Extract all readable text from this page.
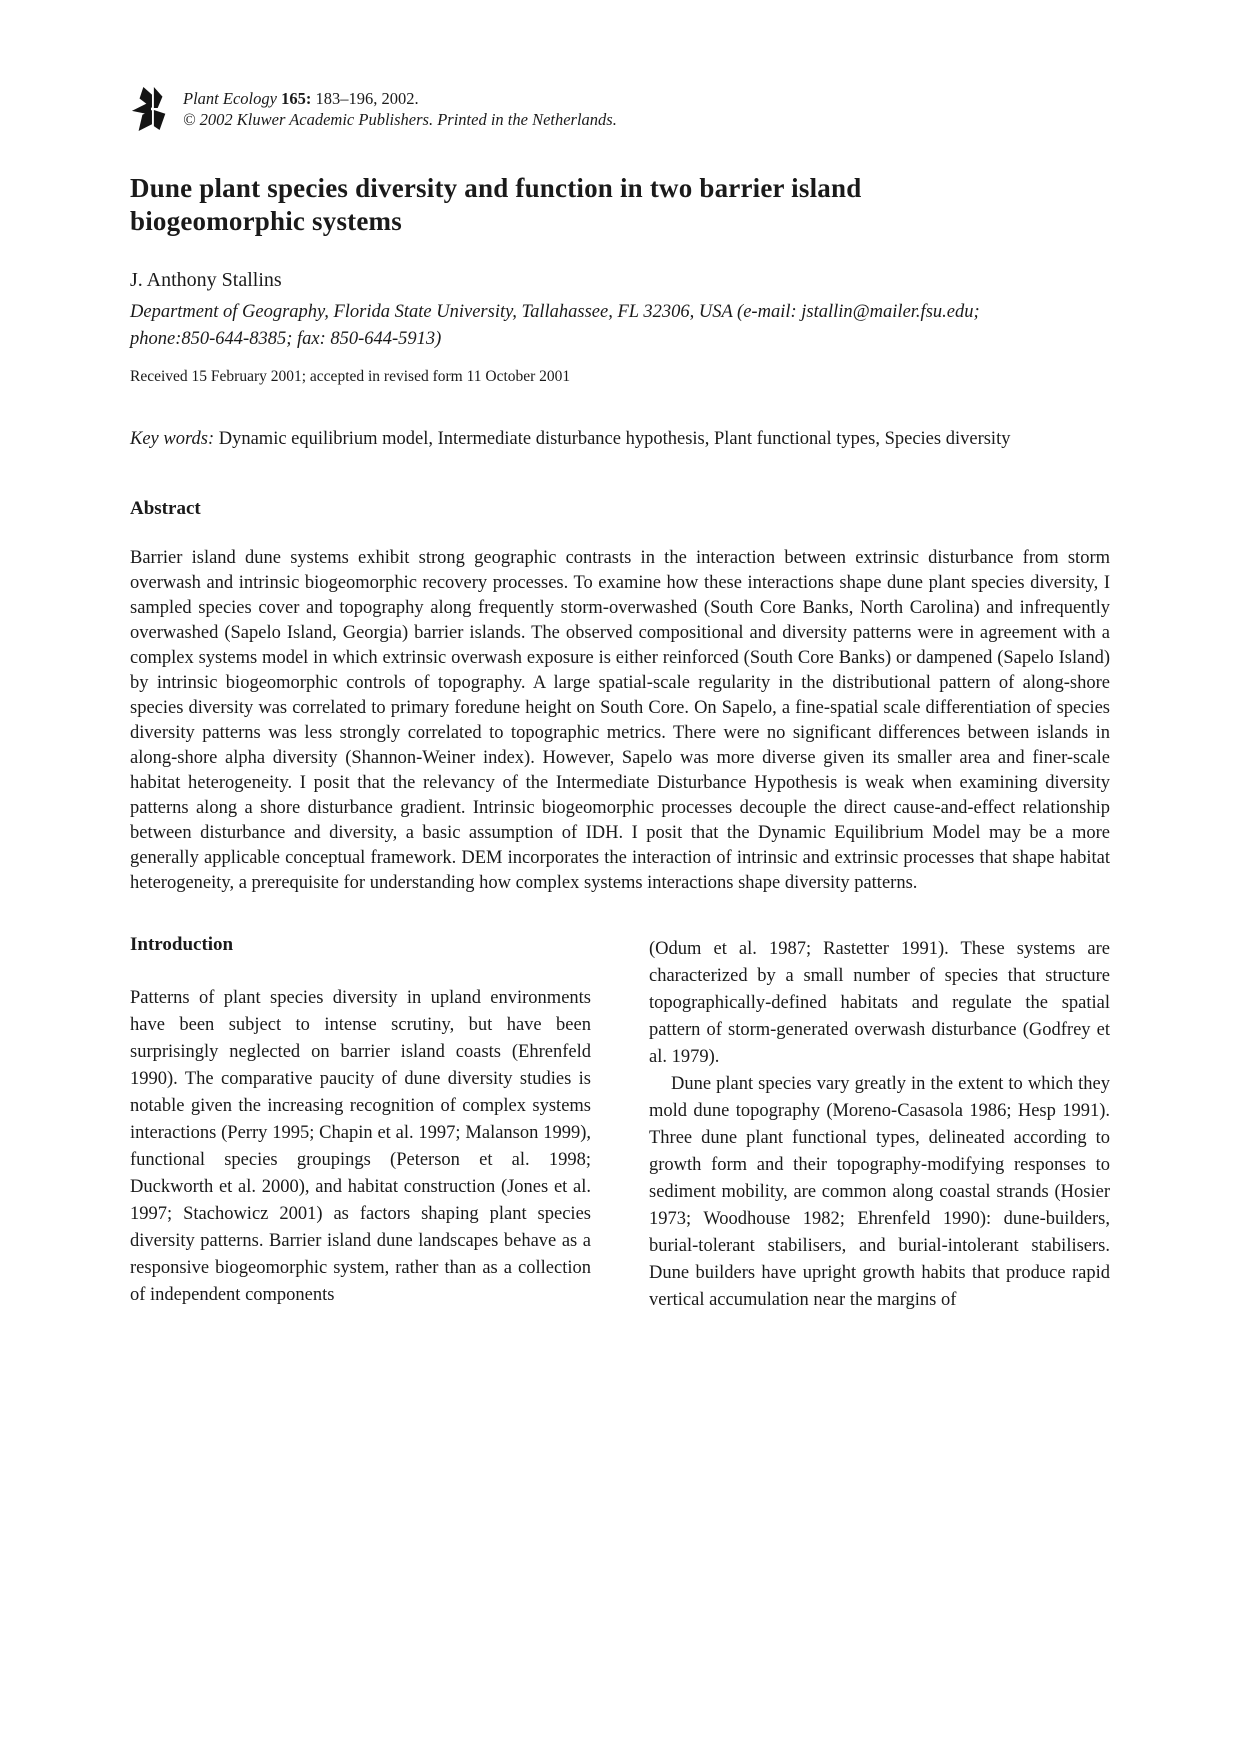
Plant Ecology 165: 183–196, 2002.
© 2002 Kluwer Academic Publishers. Printed in the Netherlands.
Dune plant species diversity and function in two barrier island biogeomorphic systems
J. Anthony Stallins
Department of Geography, Florida State University, Tallahassee, FL 32306, USA (e-mail: jstallin@mailer.fsu.edu; phone:850-644-8385; fax: 850-644-5913)
Received 15 February 2001; accepted in revised form 11 October 2001
Key words: Dynamic equilibrium model, Intermediate disturbance hypothesis, Plant functional types, Species diversity
Abstract

Barrier island dune systems exhibit strong geographic contrasts in the interaction between extrinsic disturbance from storm overwash and intrinsic biogeomorphic recovery processes. To examine how these interactions shape dune plant species diversity, I sampled species cover and topography along frequently storm-overwashed (South Core Banks, North Carolina) and infrequently overwashed (Sapelo Island, Georgia) barrier islands. The observed compositional and diversity patterns were in agreement with a complex systems model in which extrinsic overwash exposure is either reinforced (South Core Banks) or dampened (Sapelo Island) by intrinsic biogeomorphic controls of topography. A large spatial-scale regularity in the distributional pattern of along-shore species diversity was correlated to primary foredune height on South Core. On Sapelo, a fine-spatial scale differentiation of species diversity patterns was less strongly correlated to topographic metrics. There were no significant differences between islands in along-shore alpha diversity (Shannon-Weiner index). However, Sapelo was more diverse given its smaller area and finer-scale habitat heterogeneity. I posit that the relevancy of the Intermediate Disturbance Hypothesis is weak when examining diversity patterns along a shore disturbance gradient. Intrinsic biogeomorphic processes decouple the direct cause-and-effect relationship between disturbance and diversity, a basic assumption of IDH. I posit that the Dynamic Equilibrium Model may be a more generally applicable conceptual framework. DEM incorporates the interaction of intrinsic and extrinsic processes that shape habitat heterogeneity, a prerequisite for understanding how complex systems interactions shape diversity patterns.

Introduction

Patterns of plant species diversity in upland environments have been subject to intense scrutiny, but have been surprisingly neglected on barrier island coasts (Ehrenfeld 1990). The comparative paucity of dune diversity studies is notable given the increasing recognition of complex systems interactions (Perry 1995; Chapin et al. 1997; Malanson 1999), functional species groupings (Peterson et al. 1998; Duckworth et al. 2000), and habitat construction (Jones et al. 1997; Stachowicz 2001) as factors shaping plant species diversity patterns. Barrier island dune landscapes behave as a responsive biogeomorphic system, rather than as a collection of independent components

(Odum et al. 1987; Rastetter 1991). These systems are characterized by a small number of species that structure topographically-defined habitats and regulate the spatial pattern of storm-generated overwash disturbance (Godfrey et al. 1979).

Dune plant species vary greatly in the extent to which they mold dune topography (Moreno-Casasola 1986; Hesp 1991). Three dune plant functional types, delineated according to growth form and their topography-modifying responses to sediment mobility, are common along coastal strands (Hosier 1973; Woodhouse 1982; Ehrenfeld 1990): dune-builders, burial-tolerant stabilisers, and burial-intolerant stabilisers. Dune builders have upright growth habits that produce rapid vertical accumulation near the margins of
